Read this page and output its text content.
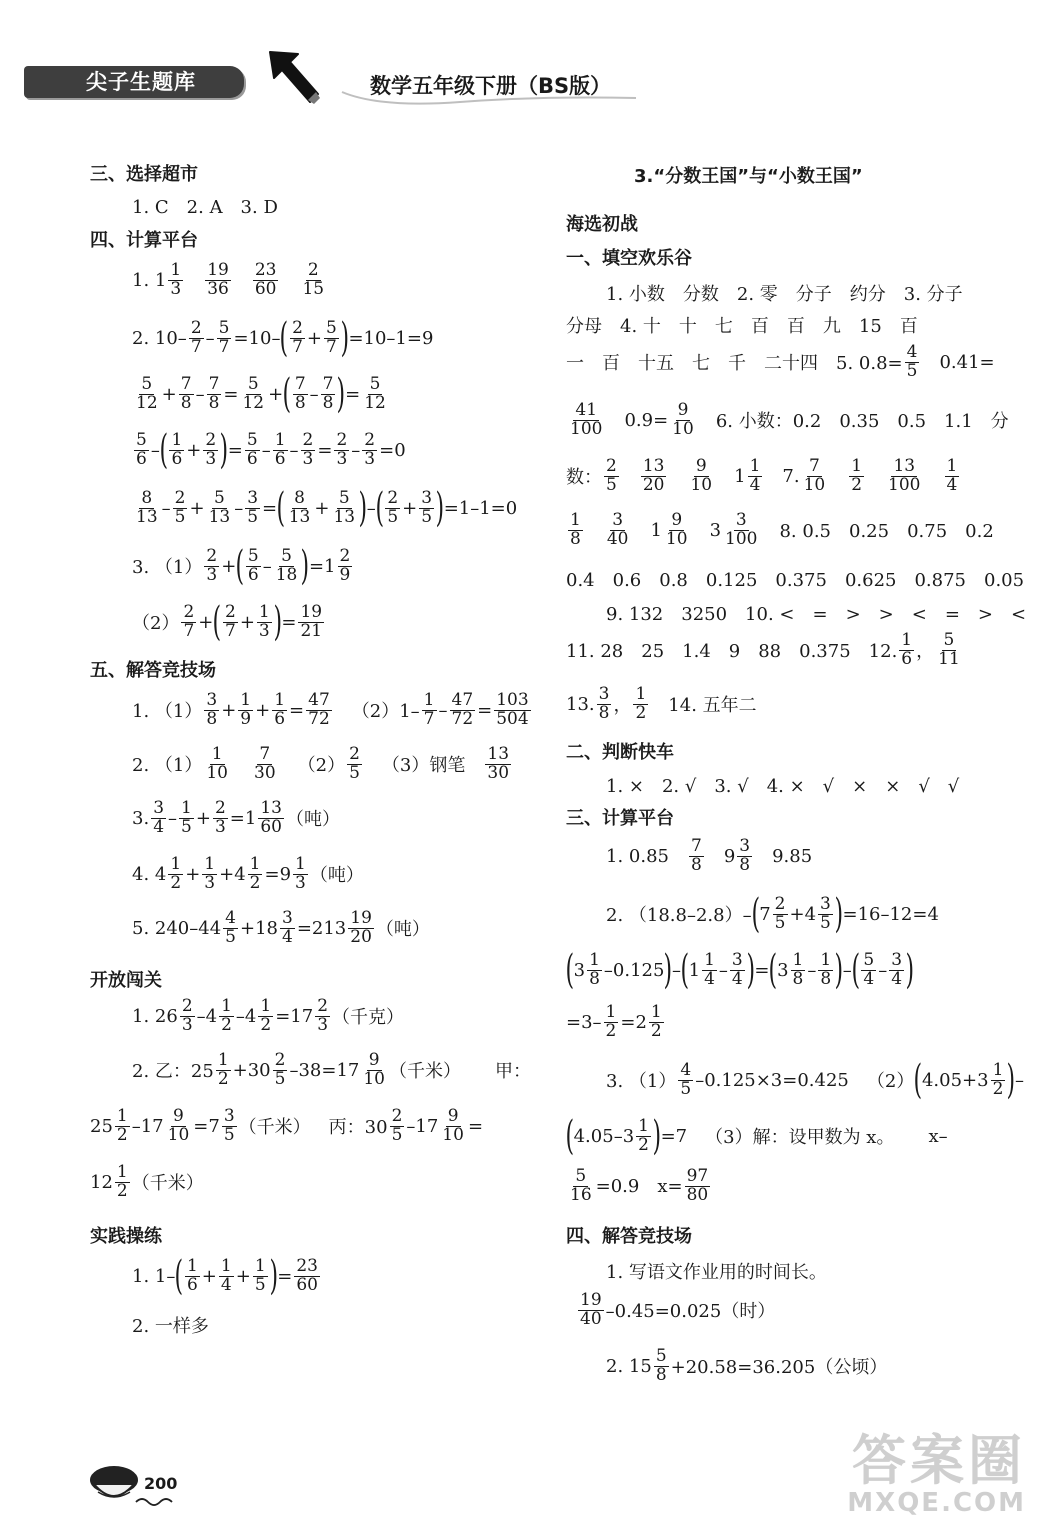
尖子生题库	数学五年级下册（BS版）
三、选择超市
1. C　2. A　3. D
四、计算平台
1. $1 \frac{1}{3} \frac{19}{36} \frac{23}{60} \frac{2}{15}$
2. $10- \frac{2}{7} - \frac{5}{7} =10-$ ( $\frac{2}{7} + \frac{5}{7}$ ) =10–1=9
$\frac{5}{12} + \frac{7}{8} - \frac{7}{8} = \frac{5}{12}$ + ( $\frac{7}{8} - \frac{7}{8}$ ) = $\frac{5}{12}$
$\frac{5}{6}$ – ( $\frac{1}{6} + \frac{2}{3}$ ) = $\frac{5}{6} - \frac{1}{6} - \frac{2}{3} = \frac{2}{3} - \frac{2}{3} =0$
$\frac{8}{13} - \frac{2}{5} + \frac{5}{13} - \frac{3}{5}$ = ( $\frac{8}{13} + \frac{5}{13}$ ) – ( $\frac{2}{5} + \frac{3}{5}$ ) =1–1=0
3. $(1) \frac{2}{3}$ + ( $\frac{5}{6} - \frac{5}{18}$ ) $=1 \frac{2}{9}$
$(2) \frac{2}{7}$ + ( $\frac{2}{7} + \frac{1}{3}$ ) = $\frac{19}{21}$
五、解答竞技场
1. $(1) \frac{3}{8} + \frac{1}{9} + \frac{1}{6} = \frac{47}{72} (2)1- \frac{1}{7} - \frac{47}{72} = \frac{103}{504}$
2. $(1) \frac{1}{10} \frac{7}{30} (2) \frac{2}{5} (3)$钢笔 $\frac{13}{30}$
3. $\frac{3}{4} - \frac{1}{5} + \frac{2}{3} =1 \frac{13}{60}$ （吨）
4. $4 \frac{1}{2} + \frac{1}{3} +4 \frac{1}{2} =9 \frac{1}{3}$ （吨）
5. $240-44 \frac{4}{5} +18 \frac{3}{4} =213 \frac{19}{20}$ （吨）
开放闯关
1. $26 \frac{2}{3} -4 \frac{1}{2} -4 \frac{1}{2} =17 \frac{2}{3}$ （千克）
2. 乙：$25 \frac{1}{2} +30 \frac{2}{5} -38=17 \frac{9}{10}$ （千米） 甲：
$25 \frac{1}{2} -17 \frac{9}{10} =7 \frac{3}{5}$ （千米） 丙：$30 \frac{2}{5} -17 \frac{9}{10}$ =
$12 \frac{1}{2}$ （千米）
实践操练
1. 1– ( $\frac{1}{6} + \frac{1}{4} + \frac{1}{5}$ ) = $\frac{23}{60}$
2. 一样多
3.“分数王国”与“小数王国”
海选初战
一、填空欢乐谷
1. 小数　分数　2. 零　分子　约分　3. 分子
分母　4. 十　十　七　百　百　九　15　百
一　百　十五　七　千　二十四　5. $0.8= \frac{4}{5} 0.41=$
$\frac{41}{100} 0.9= \frac{9}{10} 6$. 小数：0.2　0.35　0.5　1.1　分
数： $\frac{2}{5} \frac{13}{20} \frac{9}{10} 1 \frac{1}{4} 7$. $\frac{7}{10} \frac{1}{2} \frac{13}{100} \frac{1}{4}$
$\frac{1}{8} \frac{3}{40} 1 \frac{9}{10} 3 \frac{3}{100} 8$. 0.5　0.25　0.75　0.2
0.4　0.6　0.8　0.125　0.375　0.625　0.875　0.05
9. 132　3250　10. <　=　>　>　<　=　>　<
11. 28　25　1.4　9　88　0.375　12. $\frac{1}{6}$ ， $\frac{5}{11}$
13. $\frac{3}{8}$ ， $\frac{1}{2} 14$. 五年二
二、判断快车
1. ×　2. √　3. √　4. ×　√　×　×　√　√
三、计算平台
1. $0.85 \frac{7}{8} 9 \frac{3}{8} 9.85$
2. （18.8–2.8）– ( $7 \frac{2}{5} +4 \frac{3}{5}$ ) =16–12=4
( $3 \frac{1}{8} -0.125$ ) – ( $1 \frac{1}{4} - \frac{3}{4}$ ) = ( $3 \frac{1}{8} - \frac{1}{8}$ ) – ( $\frac{5}{4} - \frac{3}{4}$ )
$=3- \frac{1}{2} =2 \frac{1}{2}$
3. $(1) \frac{4}{5} -0.125\times 3=0.425$ （2） ( $4.05+3 \frac{1}{2}$ ) –
( $4.05-3 \frac{1}{2}$ ) =7 （3）解：设甲数为 x。 x–
$\frac{5}{16} =0.9$ $x= \frac{97}{80}$
四、解答竞技场
1. 写语文作业用的时间长。
$\frac{19}{40} -0.45=0.025$（时）
2. $15 \frac{5}{8} +20.58=36.205$（公顷）
200	答案圈
MXQE.COM
